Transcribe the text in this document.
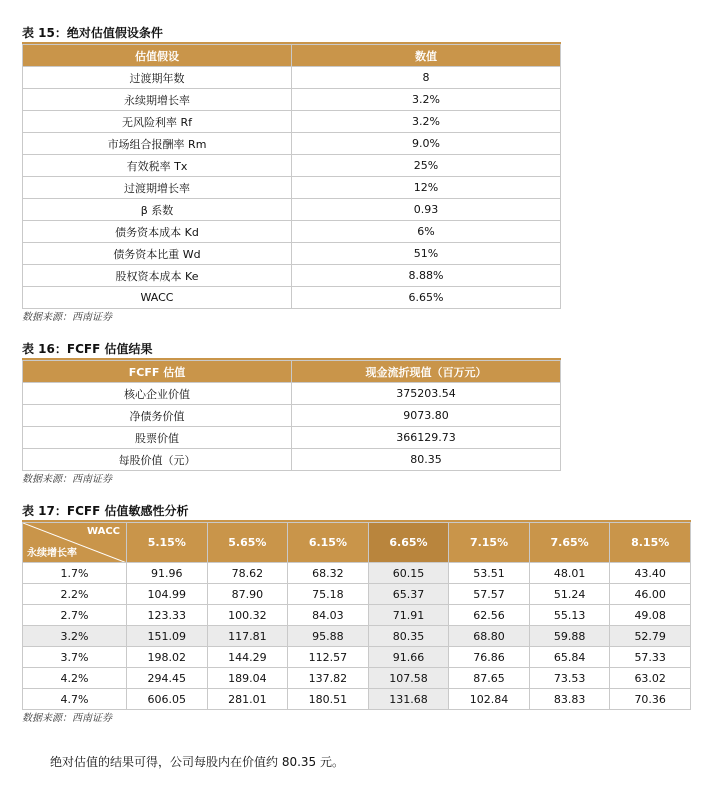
表 15：绝对估值假设条件
估值假设	数值
过渡期年数	8
永续期增长率	3.2%
无风险利率 Rf	3.2%
市场组合报酬率 Rm	9.0%
有效税率 Tx	25%
过渡期增长率	12%
β 系数	0.93
债务资本成本 Kd	6%
债务资本比重 Wd	51%
股权资本成本 Ke	8.88%
WACC	6.65%
数据来源：西南证券
表 16：FCFF 估值结果
FCFF 估值	现金流折现值（百万元）
核心企业价值	375203.54
净债务价值	9073.80
股票价值	366129.73
每股价值（元）	80.35
数据来源：西南证券
表 17：FCFF 估值敏感性分析
WACC
永续增长率	5.15%	5.65%	6.15%	6.65%	7.15%	7.65%	8.15%
1.7%	91.96	78.62	68.32	60.15	53.51	48.01	43.40
2.2%	104.99	87.90	75.18	65.37	57.57	51.24	46.00
2.7%	123.33	100.32	84.03	71.91	62.56	55.13	49.08
3.2%	151.09	117.81	95.88	80.35	68.80	59.88	52.79
3.7%	198.02	144.29	112.57	91.66	76.86	65.84	57.33
4.2%	294.45	189.04	137.82	107.58	87.65	73.53	63.02
4.7%	606.05	281.01	180.51	131.68	102.84	83.83	70.36
数据来源：西南证券
绝对估值的结果可得，公司每股内在价值约 80.35 元。
